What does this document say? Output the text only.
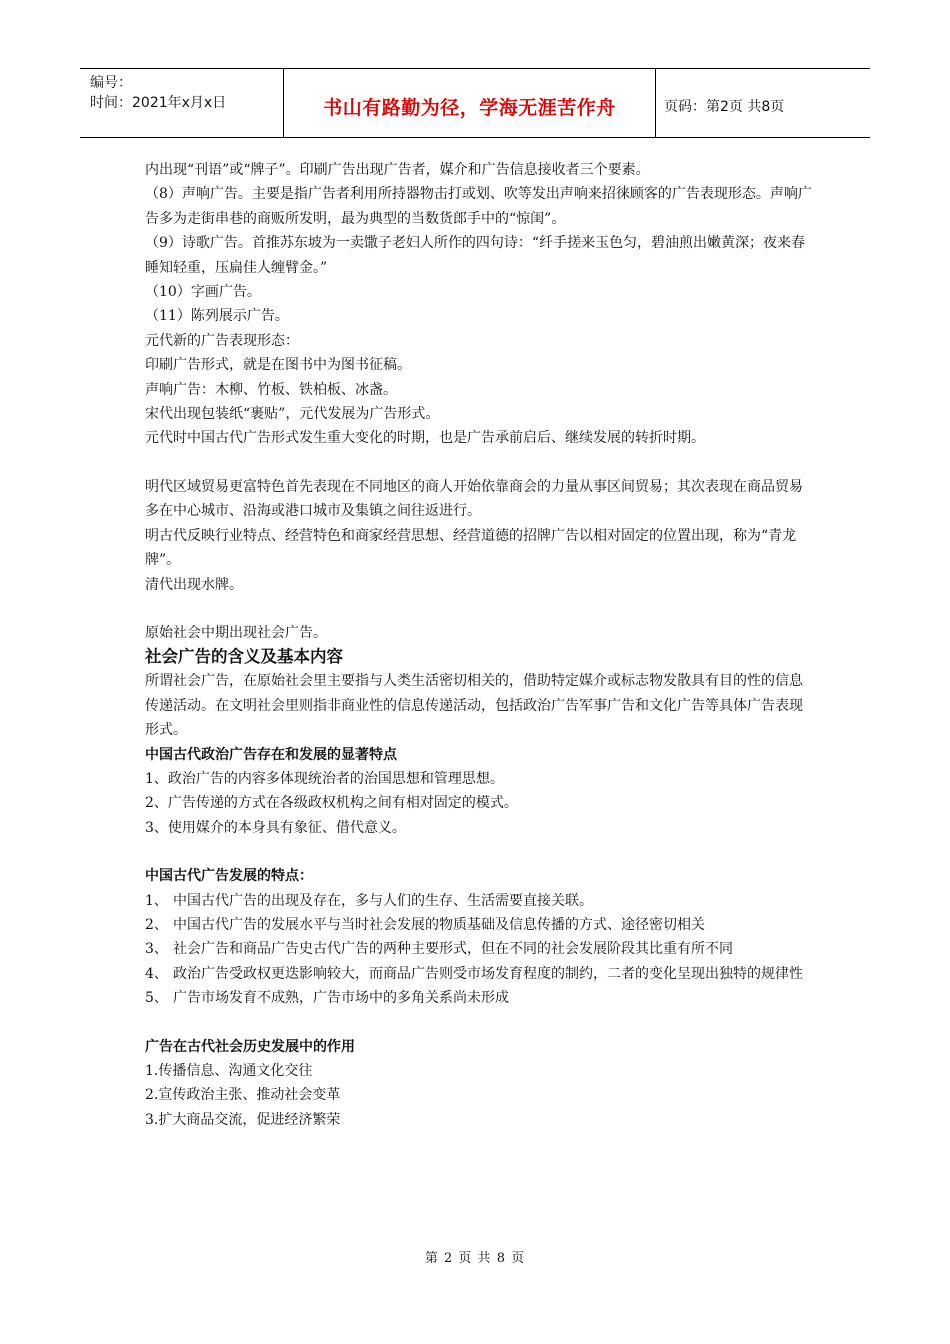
编号：
时间：2021年x月x日	书山有路勤为径，学海无涯苦作舟	页码：第2页 共8页

内出现“刊语”或“牌子”。印刷广告出现广告者，媒介和广告信息接收者三个要素。

（8）声响广告。主要是指广告者利用所持器物击打或划、吹等发出声响来招徕顾客的广告表现形态。声响广告多为走街串巷的商贩所发明，最为典型的当数货郎手中的“惊闺”。

（9）诗歌广告。首推苏东坡为一卖馓子老妇人所作的四句诗：“纤手搓来玉色匀，碧油煎出嫩黄深；夜来春睡知轻重，压扁佳人缠臂金。”

（10）字画广告。

（11）陈列展示广告。

元代新的广告表现形态：

印刷广告形式，就是在图书中为图书征稿。

声响广告：木柳、竹板、铁柏板、冰盏。

宋代出现包装纸“裹贴”，元代发展为广告形式。

元代时中国古代广告形式发生重大变化的时期，也是广告承前启后、继续发展的转折时期。

明代区域贸易更富特色首先表现在不同地区的商人开始依靠商会的力量从事区间贸易；其次表现在商品贸易多在中心城市、沿海或港口城市及集镇之间往返进行。

明古代反映行业特点、经营特色和商家经营思想、经营道德的招牌广告以相对固定的位置出现，称为“青龙牌”。

清代出现水牌。

原始社会中期出现社会广告。

社会广告的含义及基本内容

所谓社会广告，在原始社会里主要指与人类生活密切相关的，借助特定媒介或标志物发散具有目的性的信息传递活动。在文明社会里则指非商业性的信息传递活动，包括政治广告军事广告和文化广告等具体广告表现形式。

中国古代政治广告存在和发展的显著特点

1、政治广告的内容多体现统治者的治国思想和管理思想。

2、广告传递的方式在各级政权机构之间有相对固定的模式。

3、使用媒介的本身具有象征、借代意义。

中国古代广告发展的特点：

1、 中国古代广告的出现及存在，多与人们的生存、生活需要直接关联。

2、 中国古代广告的发展水平与当时社会发展的物质基础及信息传播的方式、途径密切相关

3、 社会广告和商品广告史古代广告的两种主要形式，但在不同的社会发展阶段其比重有所不同

4、 政治广告受政权更迭影响较大，而商品广告则受市场发育程度的制约，二者的变化呈现出独特的规律性

5、 广告市场发育不成熟，广告市场中的多角关系尚未形成

广告在古代社会历史发展中的作用

1.传播信息、沟通文化交往

2.宣传政治主张、推动社会变革

3.扩大商品交流，促进经济繁荣

第 2 页 共 8 页
